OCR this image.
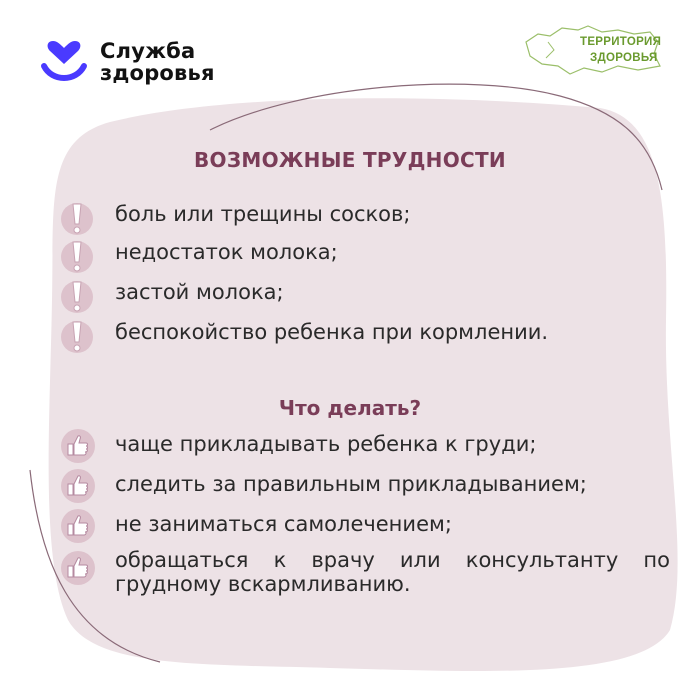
Служба
здоровья
ТЕРРИТОРИЯ
ЗДОРОВЬЯ
ВОЗМОЖНЫЕ ТРУДНОСТИ
боль или трещины сосков;
недостаток молока;
застой молока;
беспокойство ребенка при кормлении.
Что делать?
чаще прикладывать ребенка к груди;
следить за правильным прикладыванием;
не заниматься самолечением;
обращаться к врачу или консультанту по грудному вскармливанию.
